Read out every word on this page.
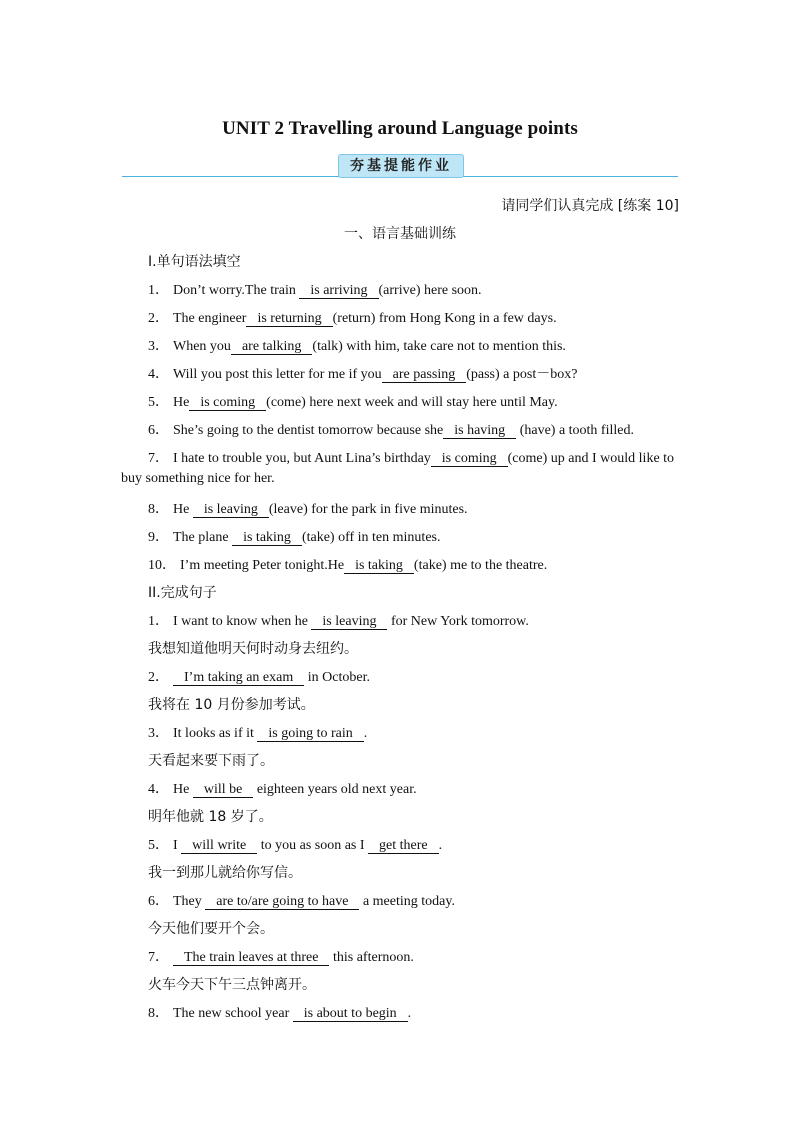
UNIT 2 Travelling around Language points
夯基提能作业
请同学们认真完成 [练案 10]
一、语言基础训练
I.单句语法填空
1． Don’t worry.The train   is arriving  (arrive) here soon.
2． The engineer  is returning  (return) from Hong Kong in a few days.
3． When you  are talking  (talk) with him, take care not to mention this.
4． Will you post this letter for me if you  are passing  (pass) a post－box?
5． He  is coming  (come) here next week and will stay here until May.
6． She’s going to the dentist tomorrow because she  is having   (have) a tooth filled.
7． I hate to trouble you, but Aunt Lina’s birthday  is coming  (come) up and I would like to
buy something nice for her.
8． He   is leaving  (leave) for the park in five minutes.
9． The plane   is taking  (take) off in ten minutes.
10． I’m meeting Peter tonight.He  is taking  (take) me to the theatre.
II.完成句子
1． I want to know when he   is leaving   for New York tomorrow.
我想知道他明天何时动身去纽约。
2．  I’m taking an exam   in October.
我将在 10 月份参加考试。
3． It looks as if it   is going to rain  .
天看起来要下雨了。
4． He   will be   eighteen years old next year.
明年他就 18 岁了。
5． I   will write   to you as soon as I   get there  .
我一到那儿就给你写信。
6． They   are to/are going to have   a meeting today.
今天他们要开个会。
7．  The train leaves at three   this afternoon.
火车今天下午三点钟离开。
8． The new school year   is about to begin  .
